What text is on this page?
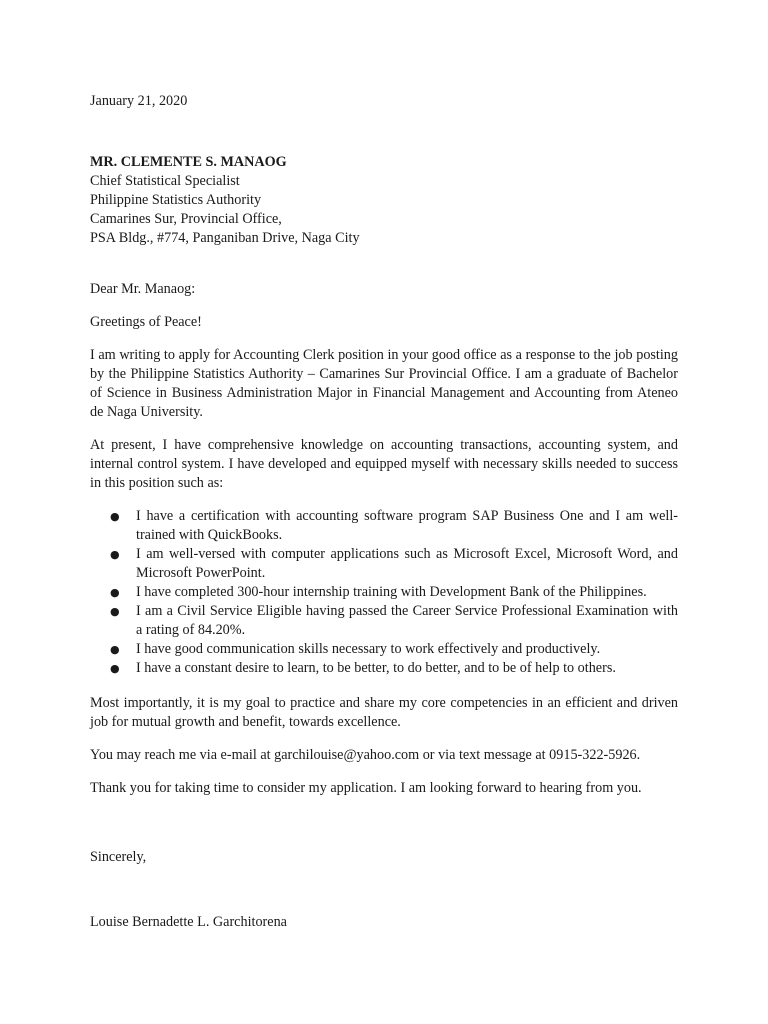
January 21, 2020

MR. CLEMENTE S. MANAOG
Chief Statistical Specialist
Philippine Statistics Authority
Camarines Sur, Provincial Office,
PSA Bldg., #774, Panganiban Drive, Naga City

Dear Mr. Manaog:

Greetings of Peace!

I am writing to apply for Accounting Clerk position in your good office as a response to the job posting by the Philippine Statistics Authority – Camarines Sur Provincial Office. I am a graduate of Bachelor of Science in Business Administration Major in Financial Management and Accounting from Ateneo de Naga University.

At present, I have comprehensive knowledge on accounting transactions, accounting system, and internal control system. I have developed and equipped myself with necessary skills needed to success in this position such as:

● I have a certification with accounting software program SAP Business One and I am well-trained with QuickBooks.
● I am well-versed with computer applications such as Microsoft Excel, Microsoft Word, and Microsoft PowerPoint.
● I have completed 300-hour internship training with Development Bank of the Philippines.
● I am a Civil Service Eligible having passed the Career Service Professional Examination with a rating of 84.20%.
● I have good communication skills necessary to work effectively and productively.
● I have a constant desire to learn, to be better, to do better, and to be of help to others.

Most importantly, it is my goal to practice and share my core competencies in an efficient and driven job for mutual growth and benefit, towards excellence.

You may reach me via e-mail at garchilouise@yahoo.com or via text message at 0915-322-5926.

Thank you for taking time to consider my application. I am looking forward to hearing from you.

Sincerely,

Louise Bernadette L. Garchitorena
